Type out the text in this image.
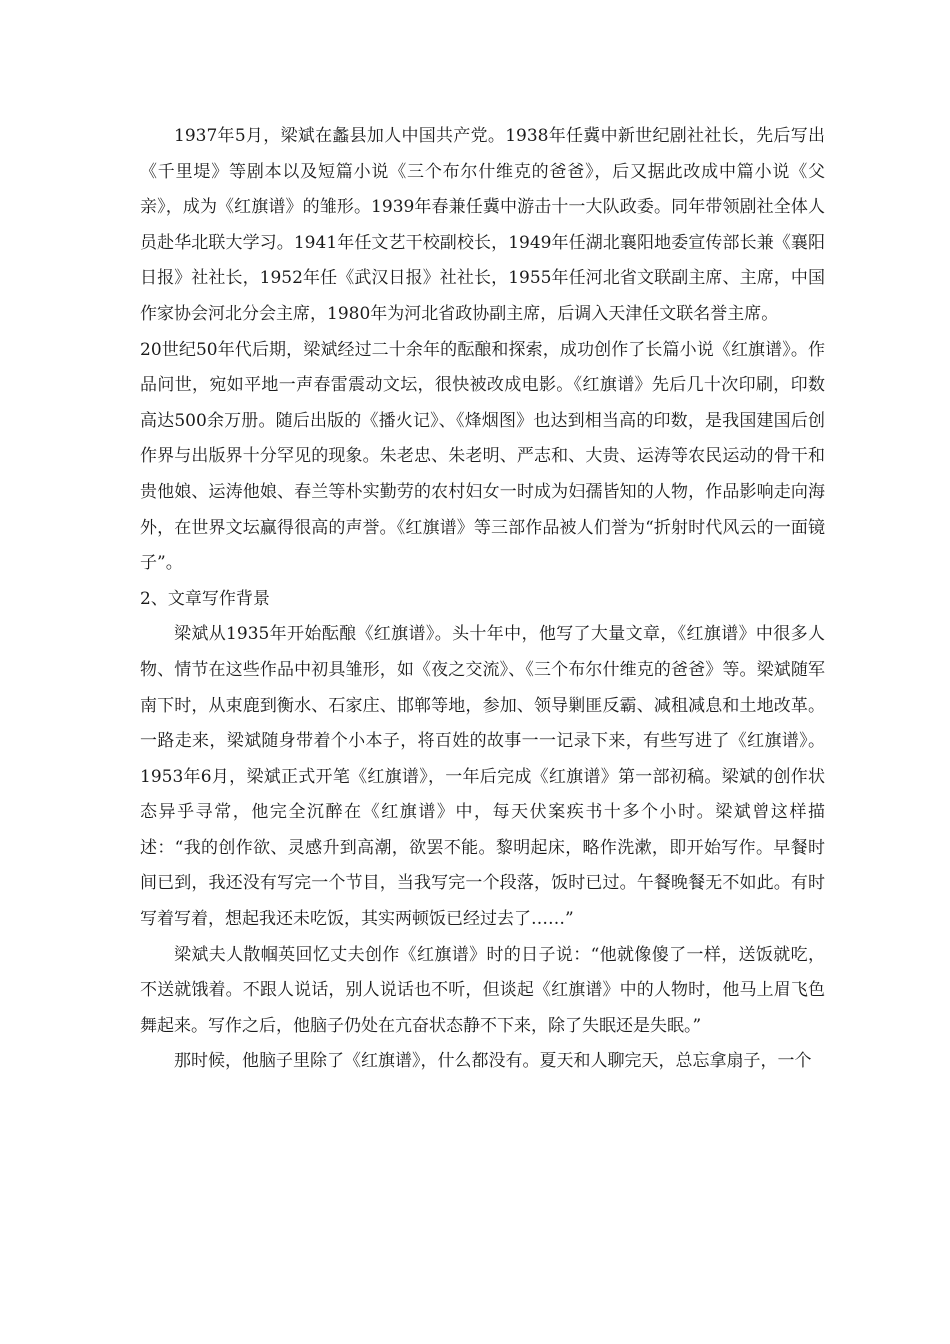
1937年5月，梁斌在蠡县加人中国共产党。1938年任冀中新世纪剧社社长，先后写出《千里堤》等剧本以及短篇小说《三个布尔什维克的爸爸》，后又据此改成中篇小说《父亲》，成为《红旗谱》的雏形。1939年春兼任冀中游击十一大队政委。同年带领剧社全体人员赴华北联大学习。1941年任文艺干校副校长，1949年任湖北襄阳地委宣传部长兼《襄阳日报》社社长，1952年任《武汉日报》社社长，1955年任河北省文联副主席、主席，中国作家协会河北分会主席，1980年为河北省政协副主席，后调入天津任文联名誉主席。

20世纪50年代后期，梁斌经过二十余年的酝酿和探索，成功创作了长篇小说《红旗谱》。作品问世，宛如平地一声春雷震动文坛，很快被改成电影。《红旗谱》先后几十次印刷，印数高达500余万册。随后出版的《播火记》、《烽烟图》也达到相当高的印数，是我国建国后创作界与出版界十分罕见的现象。朱老忠、朱老明、严志和、大贵、运涛等农民运动的骨干和贵他娘、运涛他娘、春兰等朴实勤劳的农村妇女一时成为妇孺皆知的人物，作品影响走向海外，在世界文坛赢得很高的声誉。《红旗谱》等三部作品被人们誉为“折射时代风云的一面镜子”。

2、文章写作背景

梁斌从1935年开始酝酿《红旗谱》。头十年中，他写了大量文章，《红旗谱》中很多人物、情节在这些作品中初具雏形，如《夜之交流》、《三个布尔什维克的爸爸》等。梁斌随军南下时，从束鹿到衡水、石家庄、邯郸等地，参加、领导剿匪反霸、减租减息和土地改革。一路走来，梁斌随身带着个小本子，将百姓的故事一一记录下来，有些写进了《红旗谱》。1953年6月，梁斌正式开笔《红旗谱》，一年后完成《红旗谱》第一部初稿。梁斌的创作状态异乎寻常，他完全沉醉在《红旗谱》中，每天伏案疾书十多个小时。梁斌曾这样描述：“我的创作欲、灵感升到高潮，欲罢不能。黎明起床，略作洗漱，即开始写作。早餐时间已到，我还没有写完一个节目，当我写完一个段落，饭时已过。午餐晚餐无不如此。有时写着写着，想起我还未吃饭，其实两顿饭已经过去了……”

梁斌夫人散帼英回忆丈夫创作《红旗谱》时的日子说：“他就像傻了一样，送饭就吃，不送就饿着。不跟人说话，别人说话也不听，但谈起《红旗谱》中的人物时，他马上眉飞色舞起来。写作之后，他脑子仍处在亢奋状态静不下来，除了失眠还是失眠。”

那时候，他脑子里除了《红旗谱》，什么都没有。夏天和人聊完天，总忘拿扇子，一个
